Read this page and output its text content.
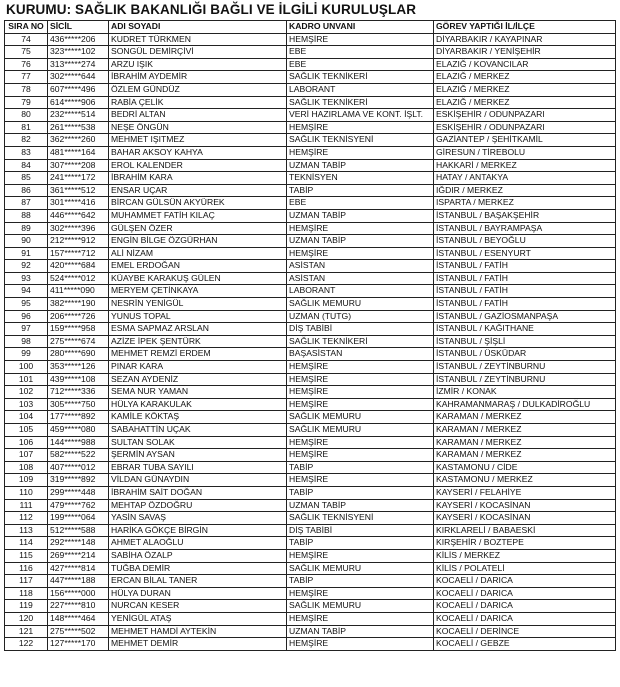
KURUMU: SAĞLIK BAKANLIĞI BAĞLI VE İLGİLİ KURULUŞLAR
SIRA NO	SİCİL	ADI SOYADI	KADRO UNVANI	GÖREV YAPTIĞI İL/İLÇE
74	436*****206	KUDRET TÜRKMEN	HEMŞİRE	DİYARBAKIR / KAYAPINAR
75	323*****102	SONGÜL DEMİRÇİVİ	EBE	DİYARBAKIR / YENİŞEHİR
76	313*****274	ARZU IŞIK	EBE	ELAZIĞ / KOVANCILAR
77	302*****644	İBRAHİM AYDEMİR	SAĞLIK TEKNİKERİ	ELAZIĞ / MERKEZ
78	607*****496	ÖZLEM GÜNDÜZ	LABORANT	ELAZIĞ / MERKEZ
79	614*****906	RABİA ÇELİK	SAĞLIK TEKNİKERİ	ELAZIĞ / MERKEZ
80	232*****514	BEDRİ ALTAN	VERİ HAZIRLAMA VE KONT. İŞLT.	ESKİŞEHİR / ODUNPAZARI
81	261*****538	NEŞE ÖNGÜN	HEMŞİRE	ESKİŞEHİR / ODUNPAZARI
82	362*****260	MEHMET IŞITMEZ	SAĞLIK TEKNİSYENİ	GAZİANTEP / ŞEHİTKAMİL
83	481*****164	BAHAR AKSOY KAHYA	HEMŞİRE	GİRESUN / TİREBOLU
84	307*****208	EROL KALENDER	UZMAN TABİP	HAKKARİ / MERKEZ
85	241*****172	İBRAHİM KARA	TEKNİSYEN	HATAY / ANTAKYA
86	361*****512	ENSAR UÇAR	TABİP	IĞDIR / MERKEZ
87	301*****416	BİRCAN GÜLSÜN AKYÜREK	EBE	ISPARTA / MERKEZ
88	446*****642	MUHAMMET FATİH KILAÇ	UZMAN TABİP	İSTANBUL / BAŞAKŞEHİR
89	302*****396	GÜLŞEN ÖZER	HEMŞİRE	İSTANBUL / BAYRAMPAŞA
90	212*****912	ENGİN BİLGE ÖZGÜRHAN	UZMAN TABİP	İSTANBUL / BEYOĞLU
91	157*****712	ALİ NİZAM	HEMŞİRE	İSTANBUL / ESENYURT
92	420*****684	EMEL ERDOĞAN	ASİSTAN	İSTANBUL / FATİH
93	524*****012	KÜAYBE KARAKUŞ GÜLEN	ASİSTAN	İSTANBUL / FATİH
94	411*****090	MERYEM ÇETİNKAYA	LABORANT	İSTANBUL / FATİH
95	382*****190	NESRİN YENİGÜL	SAĞLIK MEMURU	İSTANBUL / FATİH
96	206*****726	YUNUS TOPAL	UZMAN (TUTG)	İSTANBUL / GAZİOSMANPAŞA
97	159*****958	ESMA SAPMAZ ARSLAN	DİŞ TABİBİ	İSTANBUL / KAĞITHANE
98	275*****674	AZİZE İPEK ŞENTÜRK	SAĞLIK TEKNİKERİ	İSTANBUL / ŞİŞLİ
99	280*****690	MEHMET REMZİ ERDEM	BAŞASİSTAN	İSTANBUL / ÜSKÜDAR
100	353*****126	PINAR KARA	HEMŞİRE	İSTANBUL / ZEYTİNBURNU
101	439*****108	SEZAN AYDENİZ	HEMŞİRE	İSTANBUL / ZEYTİNBURNU
102	712*****336	SEMA NUR YAMAN	HEMŞİRE	İZMİR / KONAK
103	305*****750	HÜLYA KARAKULAK	HEMŞİRE	KAHRAMANMARAŞ / DULKADİROĞLU
104	177*****892	KAMİLE KÖKTAŞ	SAĞLIK MEMURU	KARAMAN / MERKEZ
105	459*****080	SABAHATTİN UÇAK	SAĞLIK MEMURU	KARAMAN / MERKEZ
106	144*****988	SULTAN SOLAK	HEMŞİRE	KARAMAN / MERKEZ
107	582*****522	ŞERMİN AYSAN	HEMŞİRE	KARAMAN / MERKEZ
108	407*****012	EBRAR TUBA SAYILI	TABİP	KASTAMONU / CİDE
109	319*****892	VİLDAN GÜNAYDIN	HEMŞİRE	KASTAMONU / MERKEZ
110	299*****448	İBRAHİM SAİT DOĞAN	TABİP	KAYSERİ / FELAHİYE
111	479*****762	MEHTAP ÖZDOĞRU	UZMAN TABİP	KAYSERİ / KOCASİNAN
112	199*****064	YASİN SAVAŞ	SAĞLIK TEKNİSYENİ	KAYSERİ / KOCASİNAN
113	512*****588	HARİKA GÖKÇE BİRGİN	DİŞ TABİBİ	KIRKLARELİ / BABAESKİ
114	292*****148	AHMET ALAOĞLU	TABİP	KIRŞEHİR / BOZTEPE
115	269*****214	SABİHA ÖZALP	HEMŞİRE	KİLİS / MERKEZ
116	427*****814	TUĞBA DEMİR	SAĞLIK MEMURU	KİLİS / POLATELİ
117	447*****188	ERCAN BİLAL TANER	TABİP	KOCAELİ / DARICA
118	156*****000	HÜLYA DURAN	HEMŞİRE	KOCAELİ / DARICA
119	227*****810	NURCAN KESER	SAĞLIK MEMURU	KOCAELİ / DARICA
120	148*****464	YENİGÜL ATAŞ	HEMŞİRE	KOCAELİ / DARICA
121	275*****502	MEHMET HAMDİ AYTEKİN	UZMAN TABİP	KOCAELİ / DERİNCE
122	127*****170	MEHMET DEMİR	HEMŞİRE	KOCAELİ / GEBZE
